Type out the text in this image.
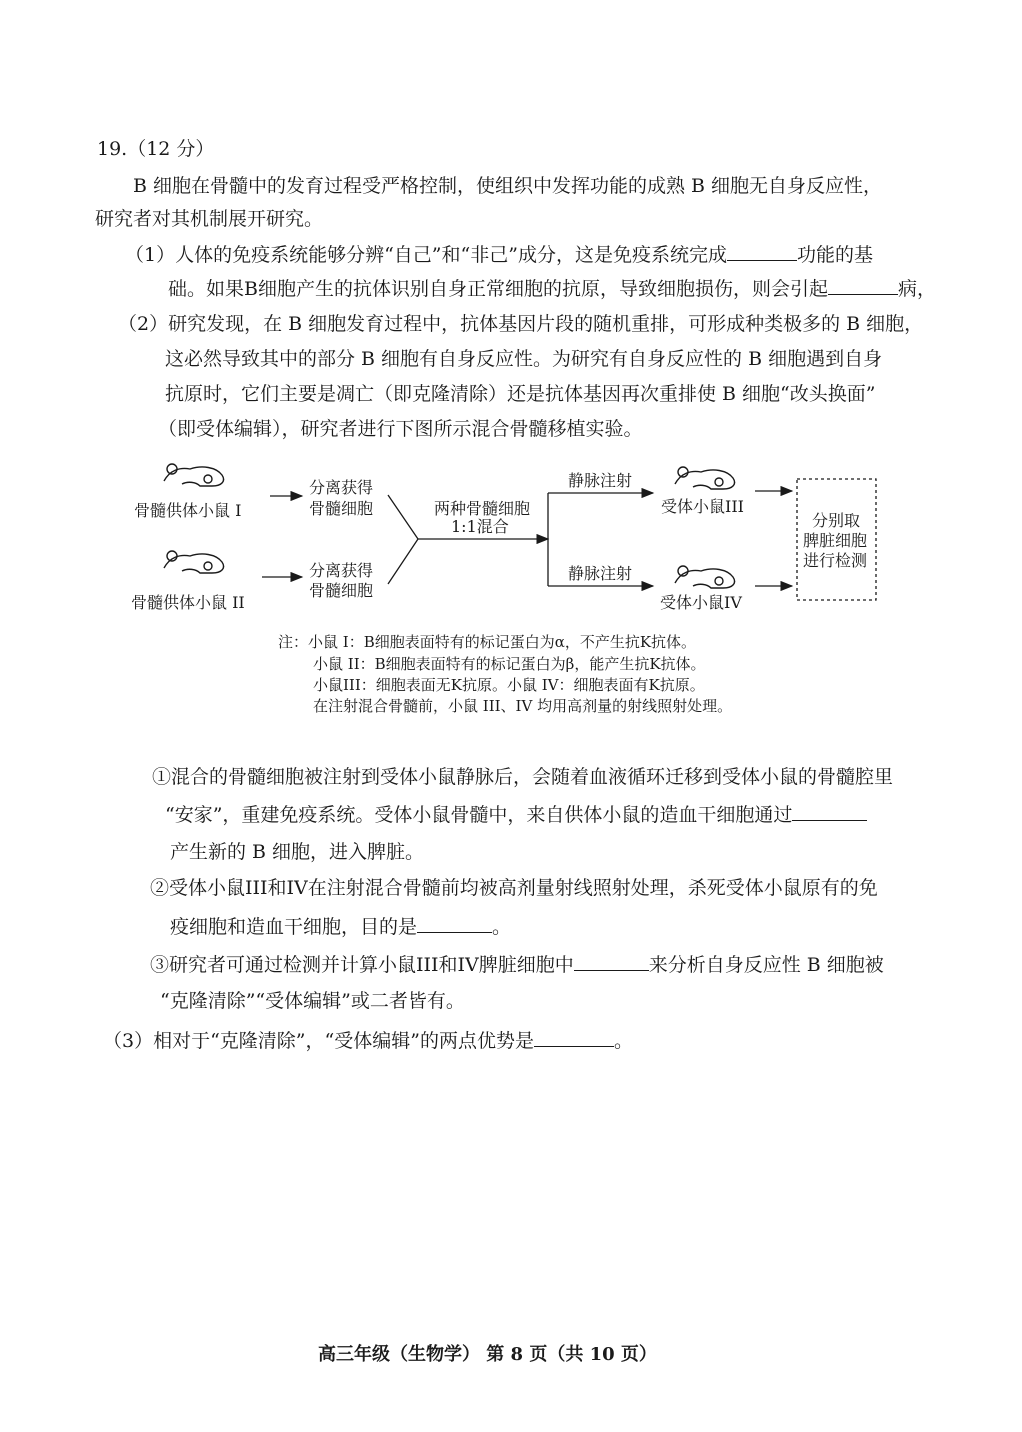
19.（12 分）
B 细胞在骨髓中的发育过程受严格控制，使组织中发挥功能的成熟 B 细胞无自身反应性，
研究者对其机制展开研究。
（1）人体的免疫系统能够分辨“自己”和“非己”成分，这是免疫系统完成	功能的基
础。如果B细胞产生的抗体识别自身正常细胞的抗原，导致细胞损伤，则会引起	病，
（2）研究发现，在 B 细胞发育过程中，抗体基因片段的随机重排，可形成种类极多的 B 细胞，
这必然导致其中的部分 B 细胞有自身反应性。为研究有自身反应性的 B 细胞遇到自身
抗原时，它们主要是凋亡（即克隆清除）还是抗体基因再次重排使 B 细胞“改头换面”
（即受体编辑），研究者进行下图所示混合骨髓移植实验。
骨髓供体小鼠 I
骨髓供体小鼠 II
分离获得
骨髓细胞
分离获得
骨髓细胞
两种骨髓细胞
1:1混合
静脉注射
静脉注射
受体小鼠III
受体小鼠IV
分别取
脾脏细胞
进行检测
注：小鼠 I：B细胞表面特有的标记蛋白为α，不产生抗K抗体。
小鼠 II：B细胞表面特有的标记蛋白为β，能产生抗K抗体。
小鼠III：细胞表面无K抗原。小鼠 IV：细胞表面有K抗原。
在注射混合骨髓前，小鼠 III、IV 均用高剂量的射线照射处理。
①混合的骨髓细胞被注射到受体小鼠静脉后，会随着血液循环迁移到受体小鼠的骨髓腔里
“安家”，重建免疫系统。受体小鼠骨髓中，来自供体小鼠的造血干细胞通过
产生新的 B 细胞，进入脾脏。
②受体小鼠III和IV在注射混合骨髓前均被高剂量射线照射处理，杀死受体小鼠原有的免
疫细胞和造血干细胞，目的是	。
③研究者可通过检测并计算小鼠III和IV脾脏细胞中	来分析自身反应性 B 细胞被
“克隆清除”“受体编辑”或二者皆有。
（3）相对于“克隆清除”，“受体编辑”的两点优势是	。
高三年级（生物学） 第 8 页（共 10 页）
